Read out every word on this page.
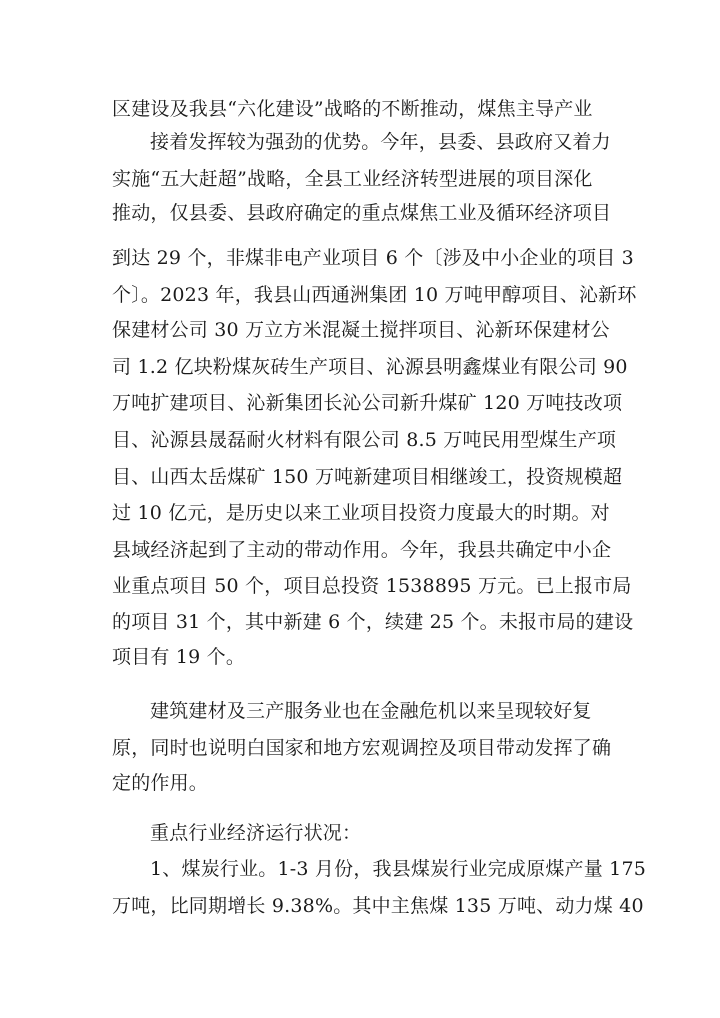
区建设及我县“六化建设”战略的不断推动，煤焦主导产业
接着发挥较为强劲的优势。今年，县委、县政府又着力
实施“五大赶超”战略，全县工业经济转型进展的项目深化
推动，仅县委、县政府确定的重点煤焦工业及循环经济项目
到达 29 个，非煤非电产业项目 6 个〔涉及中小企业的项目 3
个〕。2023 年，我县山西通洲集团 10 万吨甲醇项目、沁新环
保建材公司 30 万立方米混凝土搅拌项目、沁新环保建材公
司 1.2 亿块粉煤灰砖生产项目、沁源县明鑫煤业有限公司 90
万吨扩建项目、沁新集团长沁公司新升煤矿 120 万吨技改项
目、沁源县晟磊耐火材料有限公司 8.5 万吨民用型煤生产项
目、山西太岳煤矿 150 万吨新建项目相继竣工，投资规模超
过 10 亿元，是历史以来工业项目投资力度最大的时期。对
县域经济起到了主动的带动作用。今年，我县共确定中小企
业重点项目 50 个，项目总投资 1538895 万元。已上报市局
的项目 31 个，其中新建 6 个，续建 25 个。未报市局的建设
项目有 19 个。
建筑建材及三产服务业也在金融危机以来呈现较好复
原，同时也说明白国家和地方宏观调控及项目带动发挥了确
定的作用。
重点行业经济运行状况：
1、煤炭行业。1-3 月份，我县煤炭行业完成原煤产量 175
万吨，比同期增长 9.38%。其中主焦煤 135 万吨、动力煤 40
